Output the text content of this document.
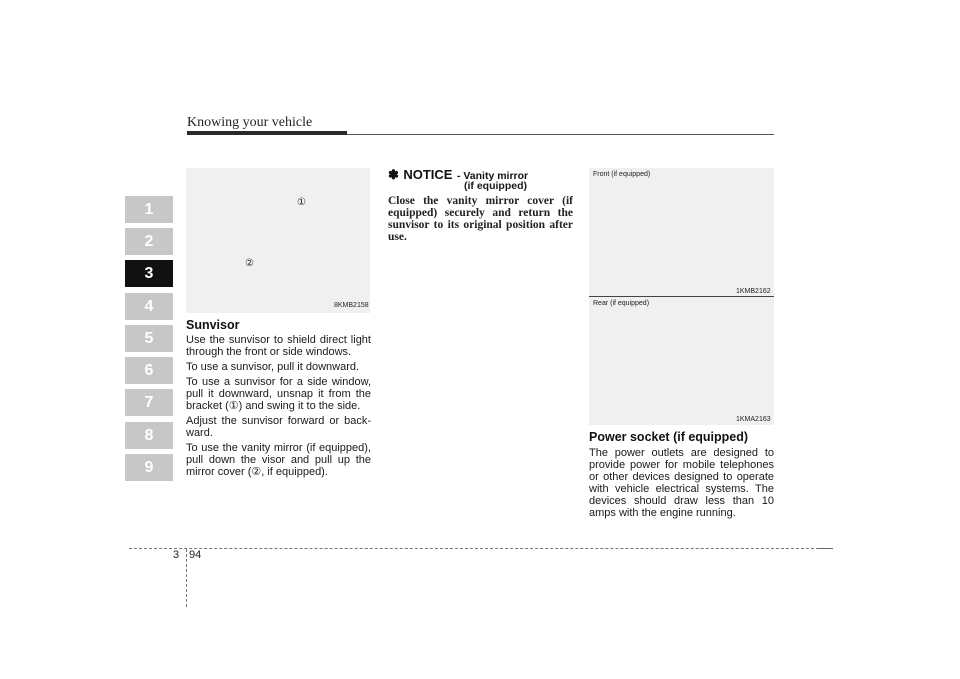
Knowing your vehicle
1
2
3
4
5
6
7
8
9
①
②
8KMB2158
Sunvisor
Use the sunvisor to shield direct light through the front or side windows.
To use a sunvisor, pull it downward.
To use a sunvisor for a side window, pull it downward, unsnap it from the bracket (①) and swing it to the side.
Adjust the sunvisor forward or back-ward.
To use the vanity mirror (if equipped), pull down the visor and pull up the mirror cover (②, if equipped).
✽ NOTICE - Vanity mirror
(if equipped)
Close the vanity mirror cover (if equipped) securely and return the sunvisor to its original position after use.
Front (if equipped)
1KMB2162
Rear (if equipped)
1KMA2163
Power socket (if equipped)
The power outlets are designed to provide power for mobile telephones or other devices designed to operate with vehicle electrical systems. The devices should draw less than 10 amps with the engine running.
3 94
